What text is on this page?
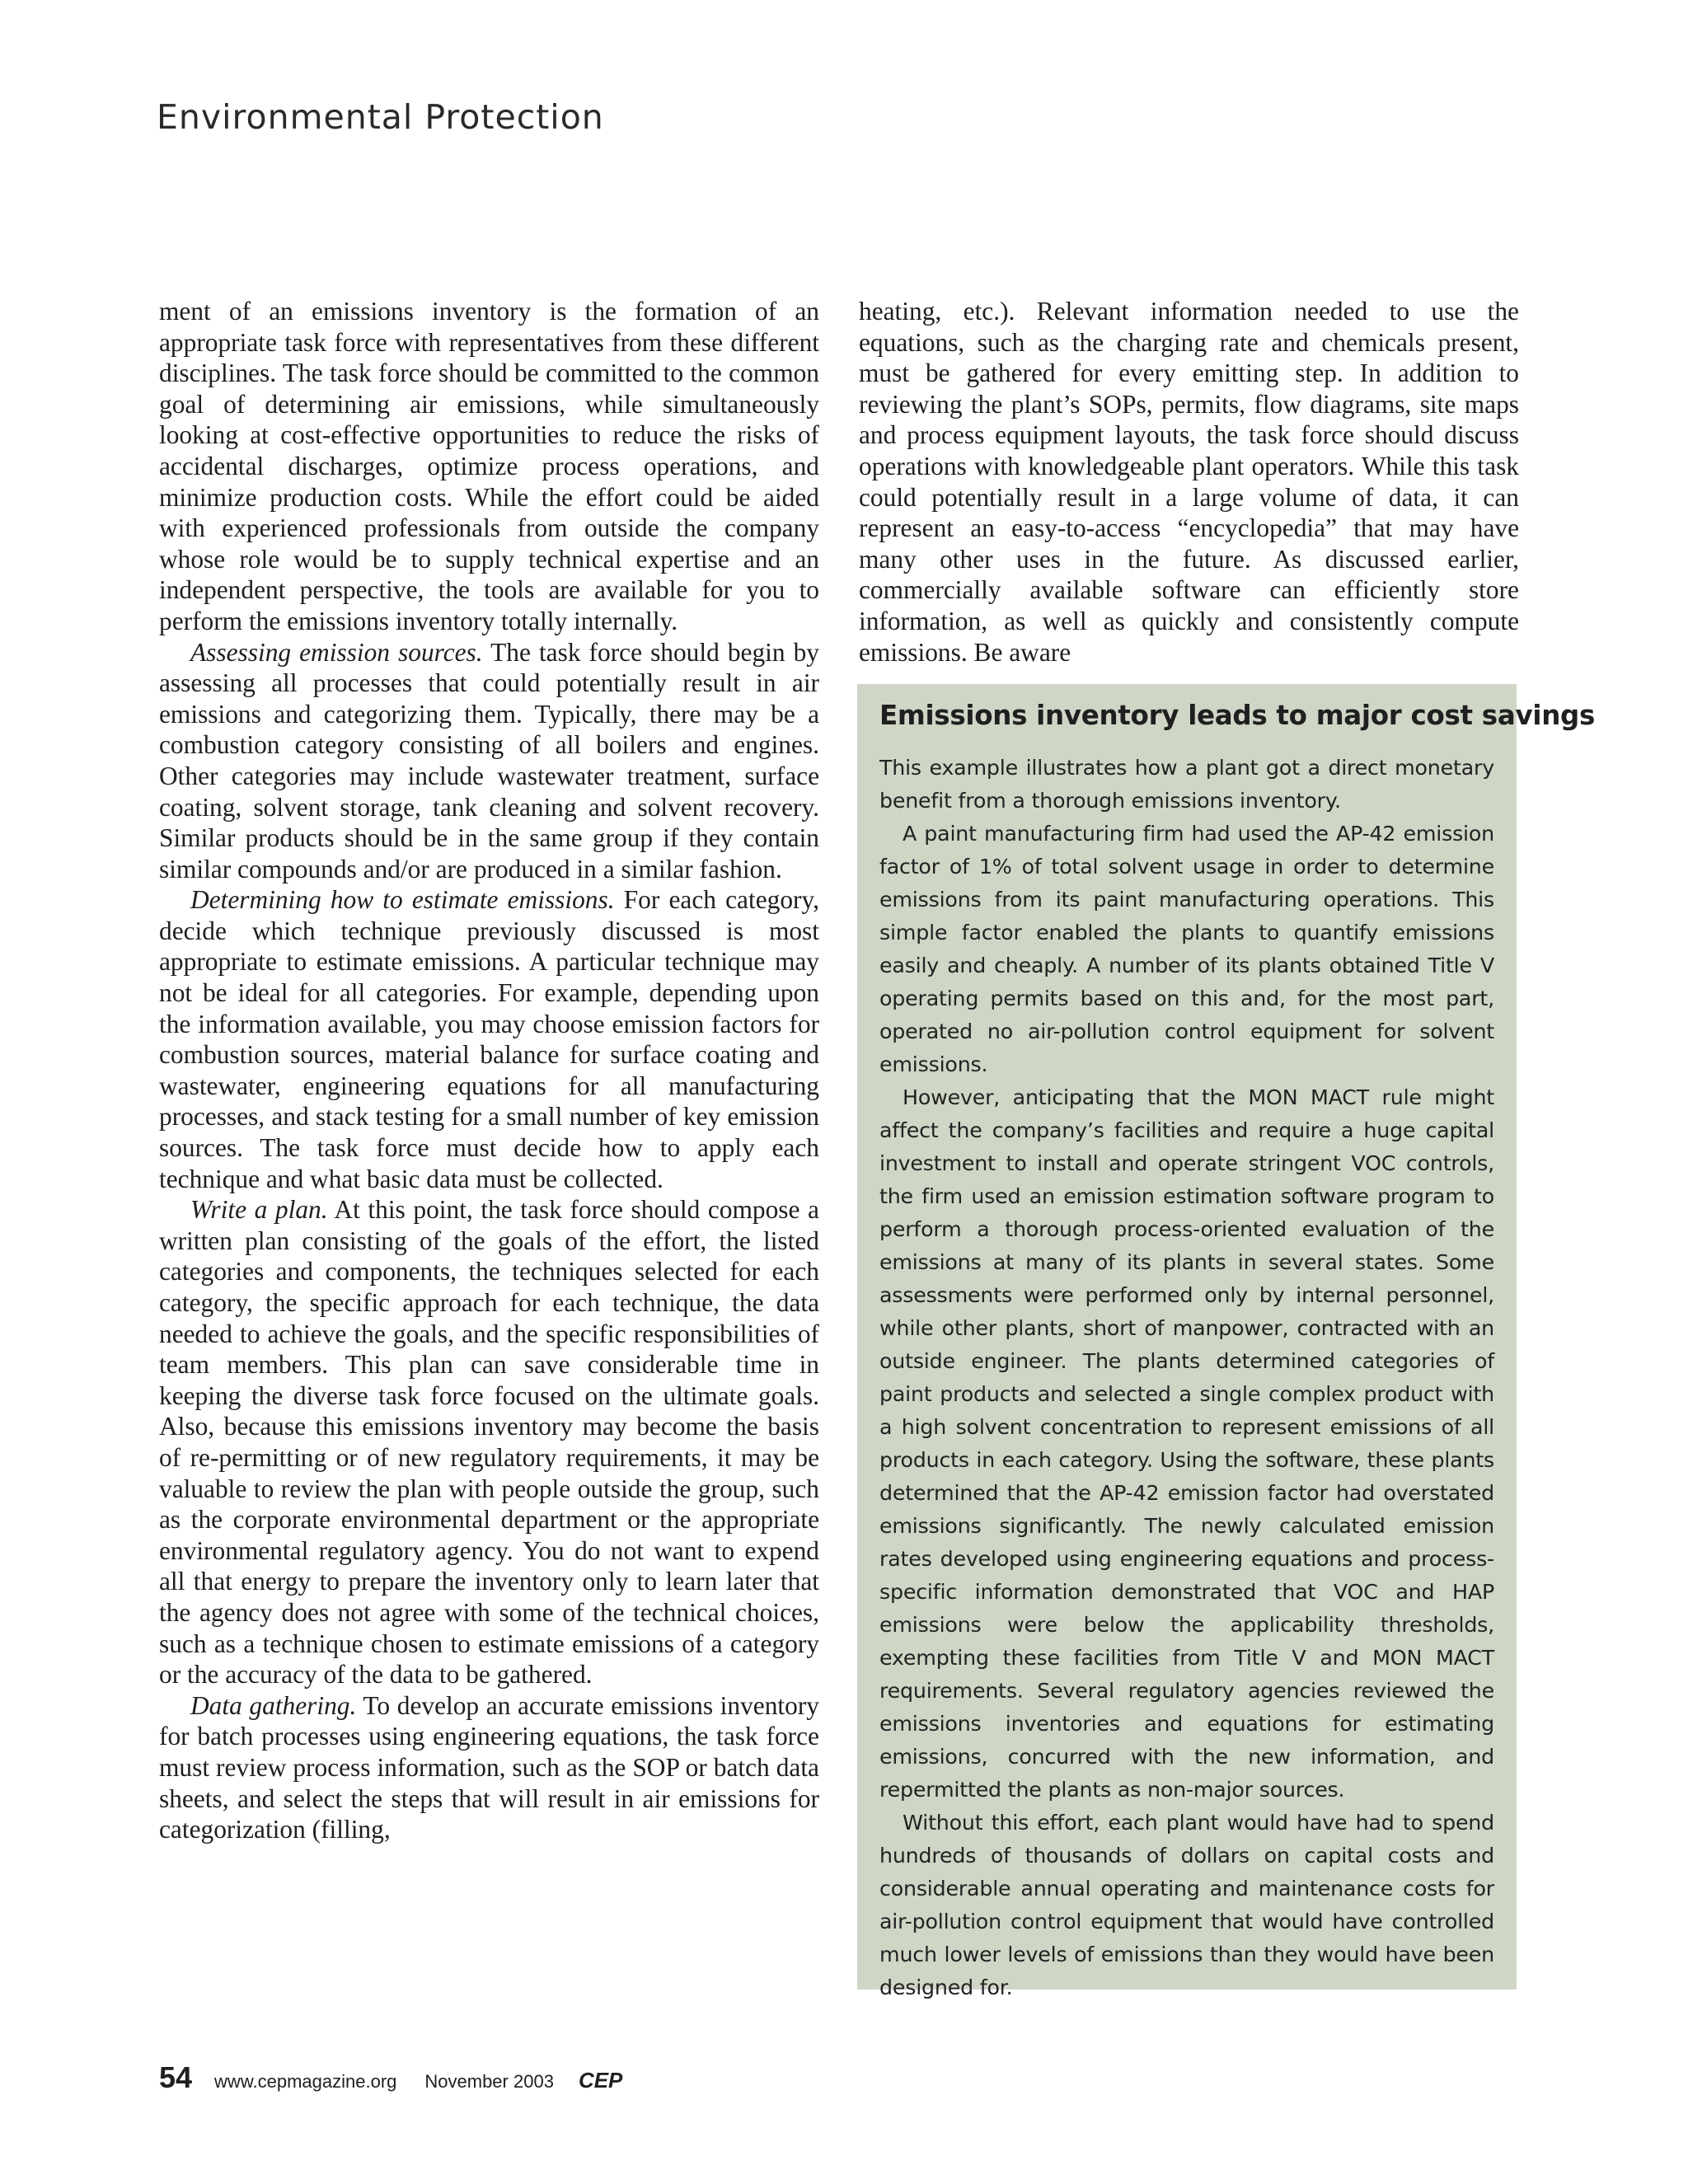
Environmental Protection

ment of an emissions inventory is the formation of an appropriate task force with representatives from these different disciplines. The task force should be committed to the common goal of determining air emissions, while simultaneously looking at cost-effective opportunities to reduce the risks of accidental discharges, optimize process operations, and minimize production costs. While the effort could be aided with experienced professionals from outside the company whose role would be to supply technical expertise and an independent perspective, the tools are available for you to perform the emissions inventory totally internally.

Assessing emission sources. The task force should begin by assessing all processes that could potentially result in air emissions and categorizing them. Typically, there may be a combustion category consisting of all boilers and engines. Other categories may include wastewater treatment, surface coating, solvent storage, tank cleaning and solvent recovery. Similar products should be in the same group if they contain similar compounds and/or are produced in a similar fashion.

Determining how to estimate emissions. For each category, decide which technique previously discussed is most appropriate to estimate emissions. A particular technique may not be ideal for all categories. For example, depending upon the information available, you may choose emission factors for combustion sources, material balance for surface coating and wastewater, engineering equations for all manufacturing processes, and stack testing for a small number of key emission sources. The task force must decide how to apply each technique and what basic data must be collected.

Write a plan. At this point, the task force should compose a written plan consisting of the goals of the effort, the listed categories and components, the techniques selected for each category, the specific approach for each technique, the data needed to achieve the goals, and the specific responsibilities of team members. This plan can save considerable time in keeping the diverse task force focused on the ultimate goals. Also, because this emissions inventory may become the basis of re-permitting or of new regulatory requirements, it may be valuable to review the plan with people outside the group, such as the corporate environmental department or the appropriate environmental regulatory agency. You do not want to expend all that energy to prepare the inventory only to learn later that the agency does not agree with some of the technical choices, such as a technique chosen to estimate emissions of a category or the accuracy of the data to be gathered.

Data gathering. To develop an accurate emissions inventory for batch processes using engineering equations, the task force must review process information, such as the SOP or batch data sheets, and select the steps that will result in air emissions for categorization (filling,

heating, etc.). Relevant information needed to use the equations, such as the charging rate and chemicals present, must be gathered for every emitting step. In addition to reviewing the plant’s SOPs, permits, flow diagrams, site maps and process equipment layouts, the task force should discuss operations with knowledgeable plant operators. While this task could potentially result in a large volume of data, it can represent an easy-to-access “encyclopedia” that may have many other uses in the future. As discussed earlier, commercially available software can efficiently store information, as well as quickly and consistently compute emissions. Be aware

Emissions inventory leads to major cost savings

This example illustrates how a plant got a direct monetary benefit from a thorough emissions inventory.

A paint manufacturing firm had used the AP-42 emission factor of 1% of total solvent usage in order to determine emissions from its paint manufacturing operations. This simple factor enabled the plants to quantify emissions easily and cheaply. A number of its plants obtained Title V operating permits based on this and, for the most part, operated no air-pollution control equipment for solvent emissions.

However, anticipating that the MON MACT rule might affect the company’s facilities and require a huge capital investment to install and operate stringent VOC controls, the firm used an emission estimation software program to perform a thorough process-oriented evaluation of the emissions at many of its plants in several states. Some assessments were performed only by internal personnel, while other plants, short of manpower, contracted with an outside engineer. The plants determined categories of paint products and selected a single complex product with a high solvent concentration to represent emissions of all products in each category. Using the software, these plants determined that the AP-42 emission factor had overstated emissions significantly. The newly calculated emission rates developed using engineering equations and process-specific information demonstrated that VOC and HAP emissions were below the applicability thresholds, exempting these facilities from Title V and MON MACT requirements. Several regulatory agencies reviewed the emissions inventories and equations for estimating emissions, concurred with the new information, and repermitted the plants as non-major sources.

Without this effort, each plant would have had to spend hundreds of thousands of dollars on capital costs and considerable annual operating and maintenance costs for air-pollution control equipment that would have controlled much lower levels of emissions than they would have been designed for.

54 www.cepmagazine.org November 2003 CEP
